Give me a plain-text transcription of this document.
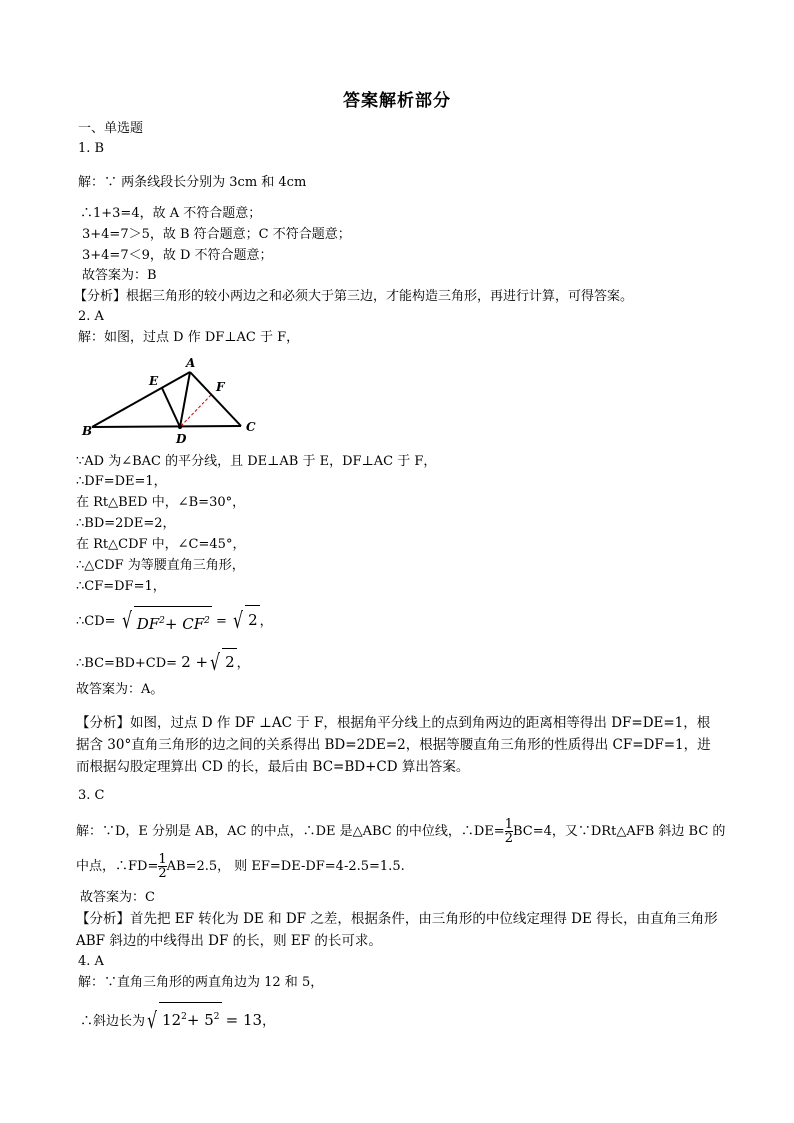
答案解析部分
一、单选题
1. B
解：∵ 两条线段长分别为 3cm 和 4cm
∴1+3=4，故 A 不符合题意；
3+4=7＞5，故 B 符合题意；C 不符合题意；
3+4=7＜9，故 D 不符合题意；
故答案为：B
【分析】根据三角形的较小两边之和必须大于第三边，才能构造三角形，再进行计算，可得答案。
2. A
解：如图，过点 D 作 DF⊥AC 于 F，
A
B	C
D
E	F
∵AD 为∠BAC 的平分线，且 DE⊥AB 于 E，DF⊥AC 于 F，
∴DF=DE=1，
在 Rt△BED 中，∠B=30°，
∴BD=2DE=2，
在 Rt△CDF 中，∠C=45°，
∴△CDF 为等腰直角三角形，
∴CF=DF=1，
∴CD= √ $DF^2+ CF^2$ = √ 2 ，
∴BC=BD+CD= 2 +√ 2 ，
故答案为：A。
【分析】如图，过点 D 作 DF ⊥AC 于 F，根据角平分线上的点到角两边的距离相等得出 DF=DE=1，根据含 30°直角三角形的边之间的关系得出 BD=2DE=2，根据等腰直角三角形的性质得出 CF=DF=1，进而根据勾股定理算出 CD 的长，最后由 BC=BD+CD 算出答案。
3. C
解：∵D，E 分别是 AB，AC 的中点，∴DE 是△ABC 的中位线，∴DE= $\frac{1}{2} BC=4$，又∵DRt△AFB 斜边 BC 的
中点，∴FD= $\frac{1}{2} AB=2.5$， 则 EF=DE-DF=4-2.5=1.5.
故答案为：C
【分析】首先把 EF 转化为 DE 和 DF 之差，根据条件，由三角形的中位线定理得 DE 得长，由直角三角形 ABF 斜边的中线得出 DF 的长，则 EF 的长可求。
4. A
解：∵直角三角形的两直角边为 12 和 5，
∴斜边长为√ $12^2+ 5^2 = 13$，
